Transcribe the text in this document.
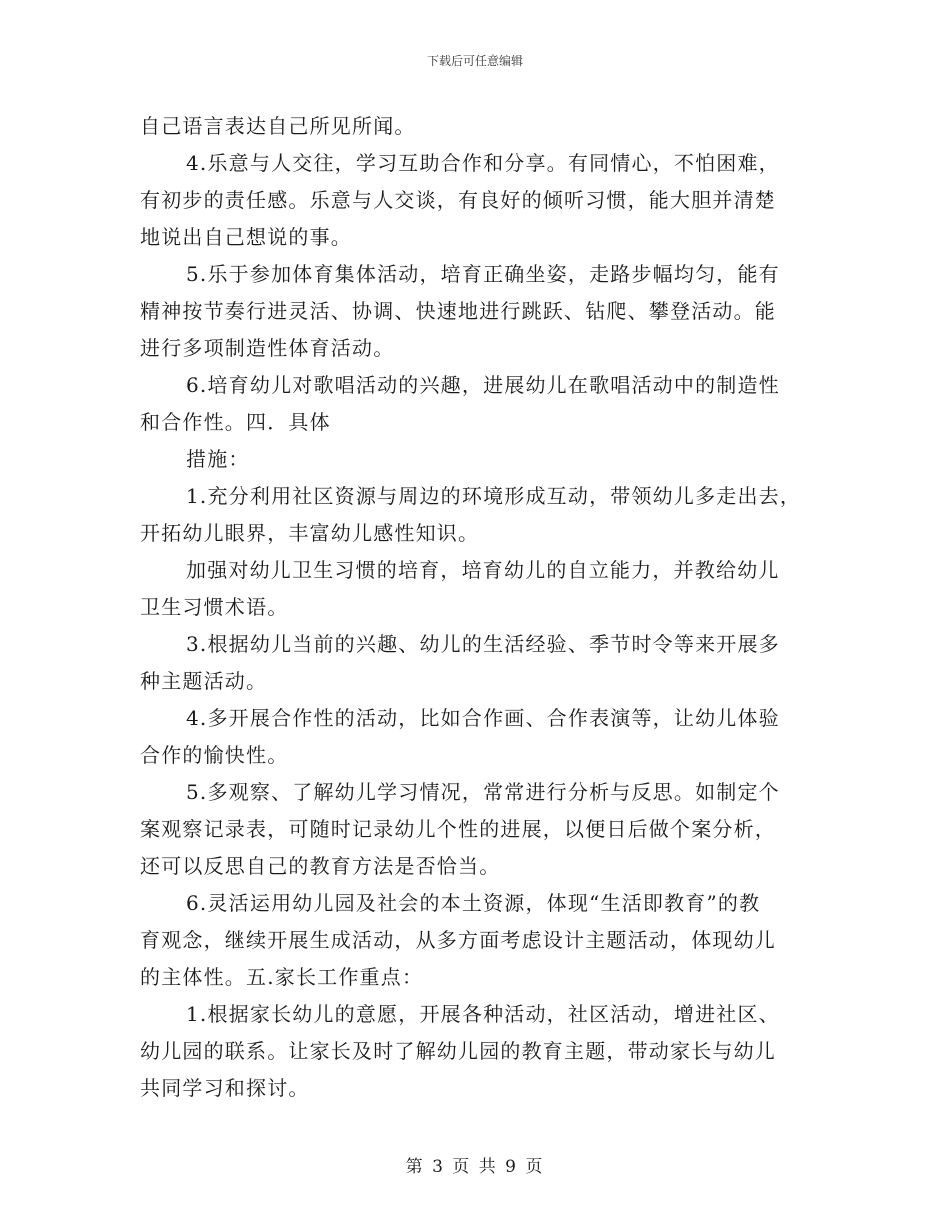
下载后可任意编辑
自己语言表达自己所见所闻。
4.乐意与人交往，学习互助合作和分享。有同情心，不怕困难，
有初步的责任感。乐意与人交谈，有良好的倾听习惯，能大胆并清楚
地说出自己想说的事。
5.乐于参加体育集体活动，培育正确坐姿，走路步幅均匀，能有
精神按节奏行进灵活、协调、快速地进行跳跃、钻爬、攀登活动。能
进行多项制造性体育活动。
6.培育幼儿对歌唱活动的兴趣，进展幼儿在歌唱活动中的制造性
和合作性。四．具体
措施：
1.充分利用社区资源与周边的环境形成互动，带领幼儿多走出去，
开拓幼儿眼界，丰富幼儿感性知识。
加强对幼儿卫生习惯的培育，培育幼儿的自立能力，并教给幼儿
卫生习惯术语。
3.根据幼儿当前的兴趣、幼儿的生活经验、季节时令等来开展多
种主题活动。
4.多开展合作性的活动，比如合作画、合作表演等，让幼儿体验
合作的愉快性。
5.多观察、了解幼儿学习情况，常常进行分析与反思。如制定个
案观察记录表，可随时记录幼儿个性的进展，以便日后做个案分析，
还可以反思自己的教育方法是否恰当。
6.灵活运用幼儿园及社会的本土资源，体现“生活即教育”的教
育观念，继续开展生成活动，从多方面考虑设计主题活动，体现幼儿
的主体性。五.家长工作重点：
1.根据家长幼儿的意愿，开展各种活动，社区活动，增进社区、
幼儿园的联系。让家长及时了解幼儿园的教育主题，带动家长与幼儿
共同学习和探讨。
第 3 页 共 9 页
